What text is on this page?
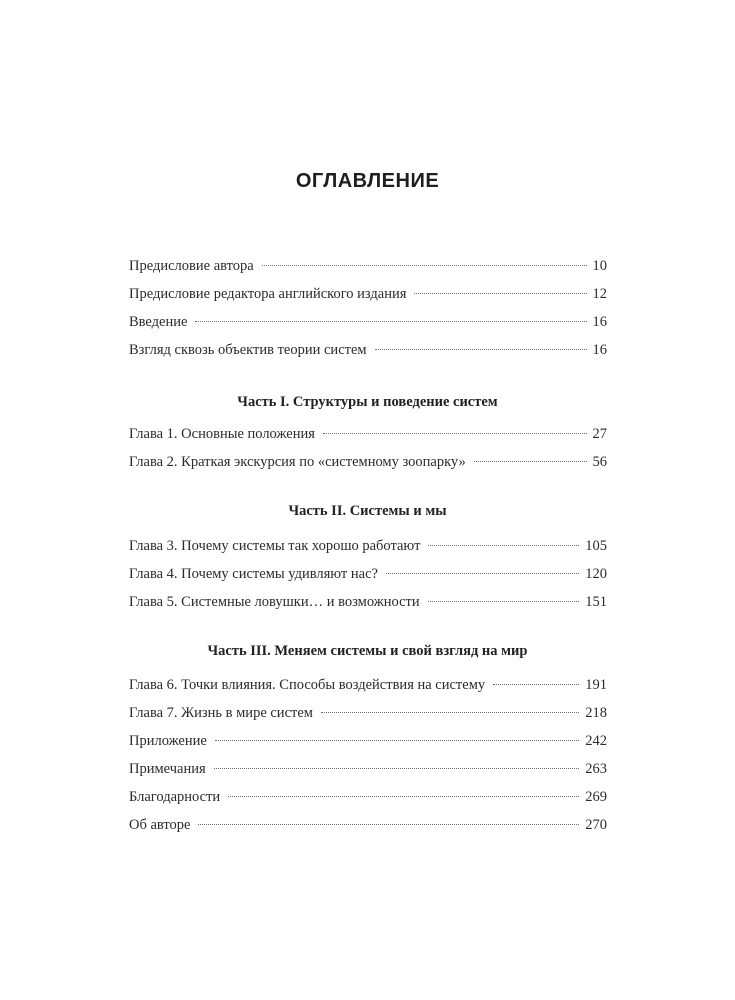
ОГЛАВЛЕНИЕ
Предисловие автора	10
Предисловие редактора английского издания	12
Введение	16
Взгляд сквозь объектив теории систем	16
Часть I. Структуры и поведение систем
Глава 1. Основные положения	27
Глава 2. Краткая экскурсия по «системному зоопарку»	56
Часть II. Системы и мы
Глава 3. Почему системы так хорошо работают	105
Глава 4. Почему системы удивляют нас?	120
Глава 5. Системные ловушки… и возможности	151
Часть III. Меняем системы и свой взгляд на мир
Глава 6. Точки влияния. Способы воздействия на систему	191
Глава 7. Жизнь в мире систем	218
Приложение	242
Примечания	263
Благодарности	269
Об авторе	270
